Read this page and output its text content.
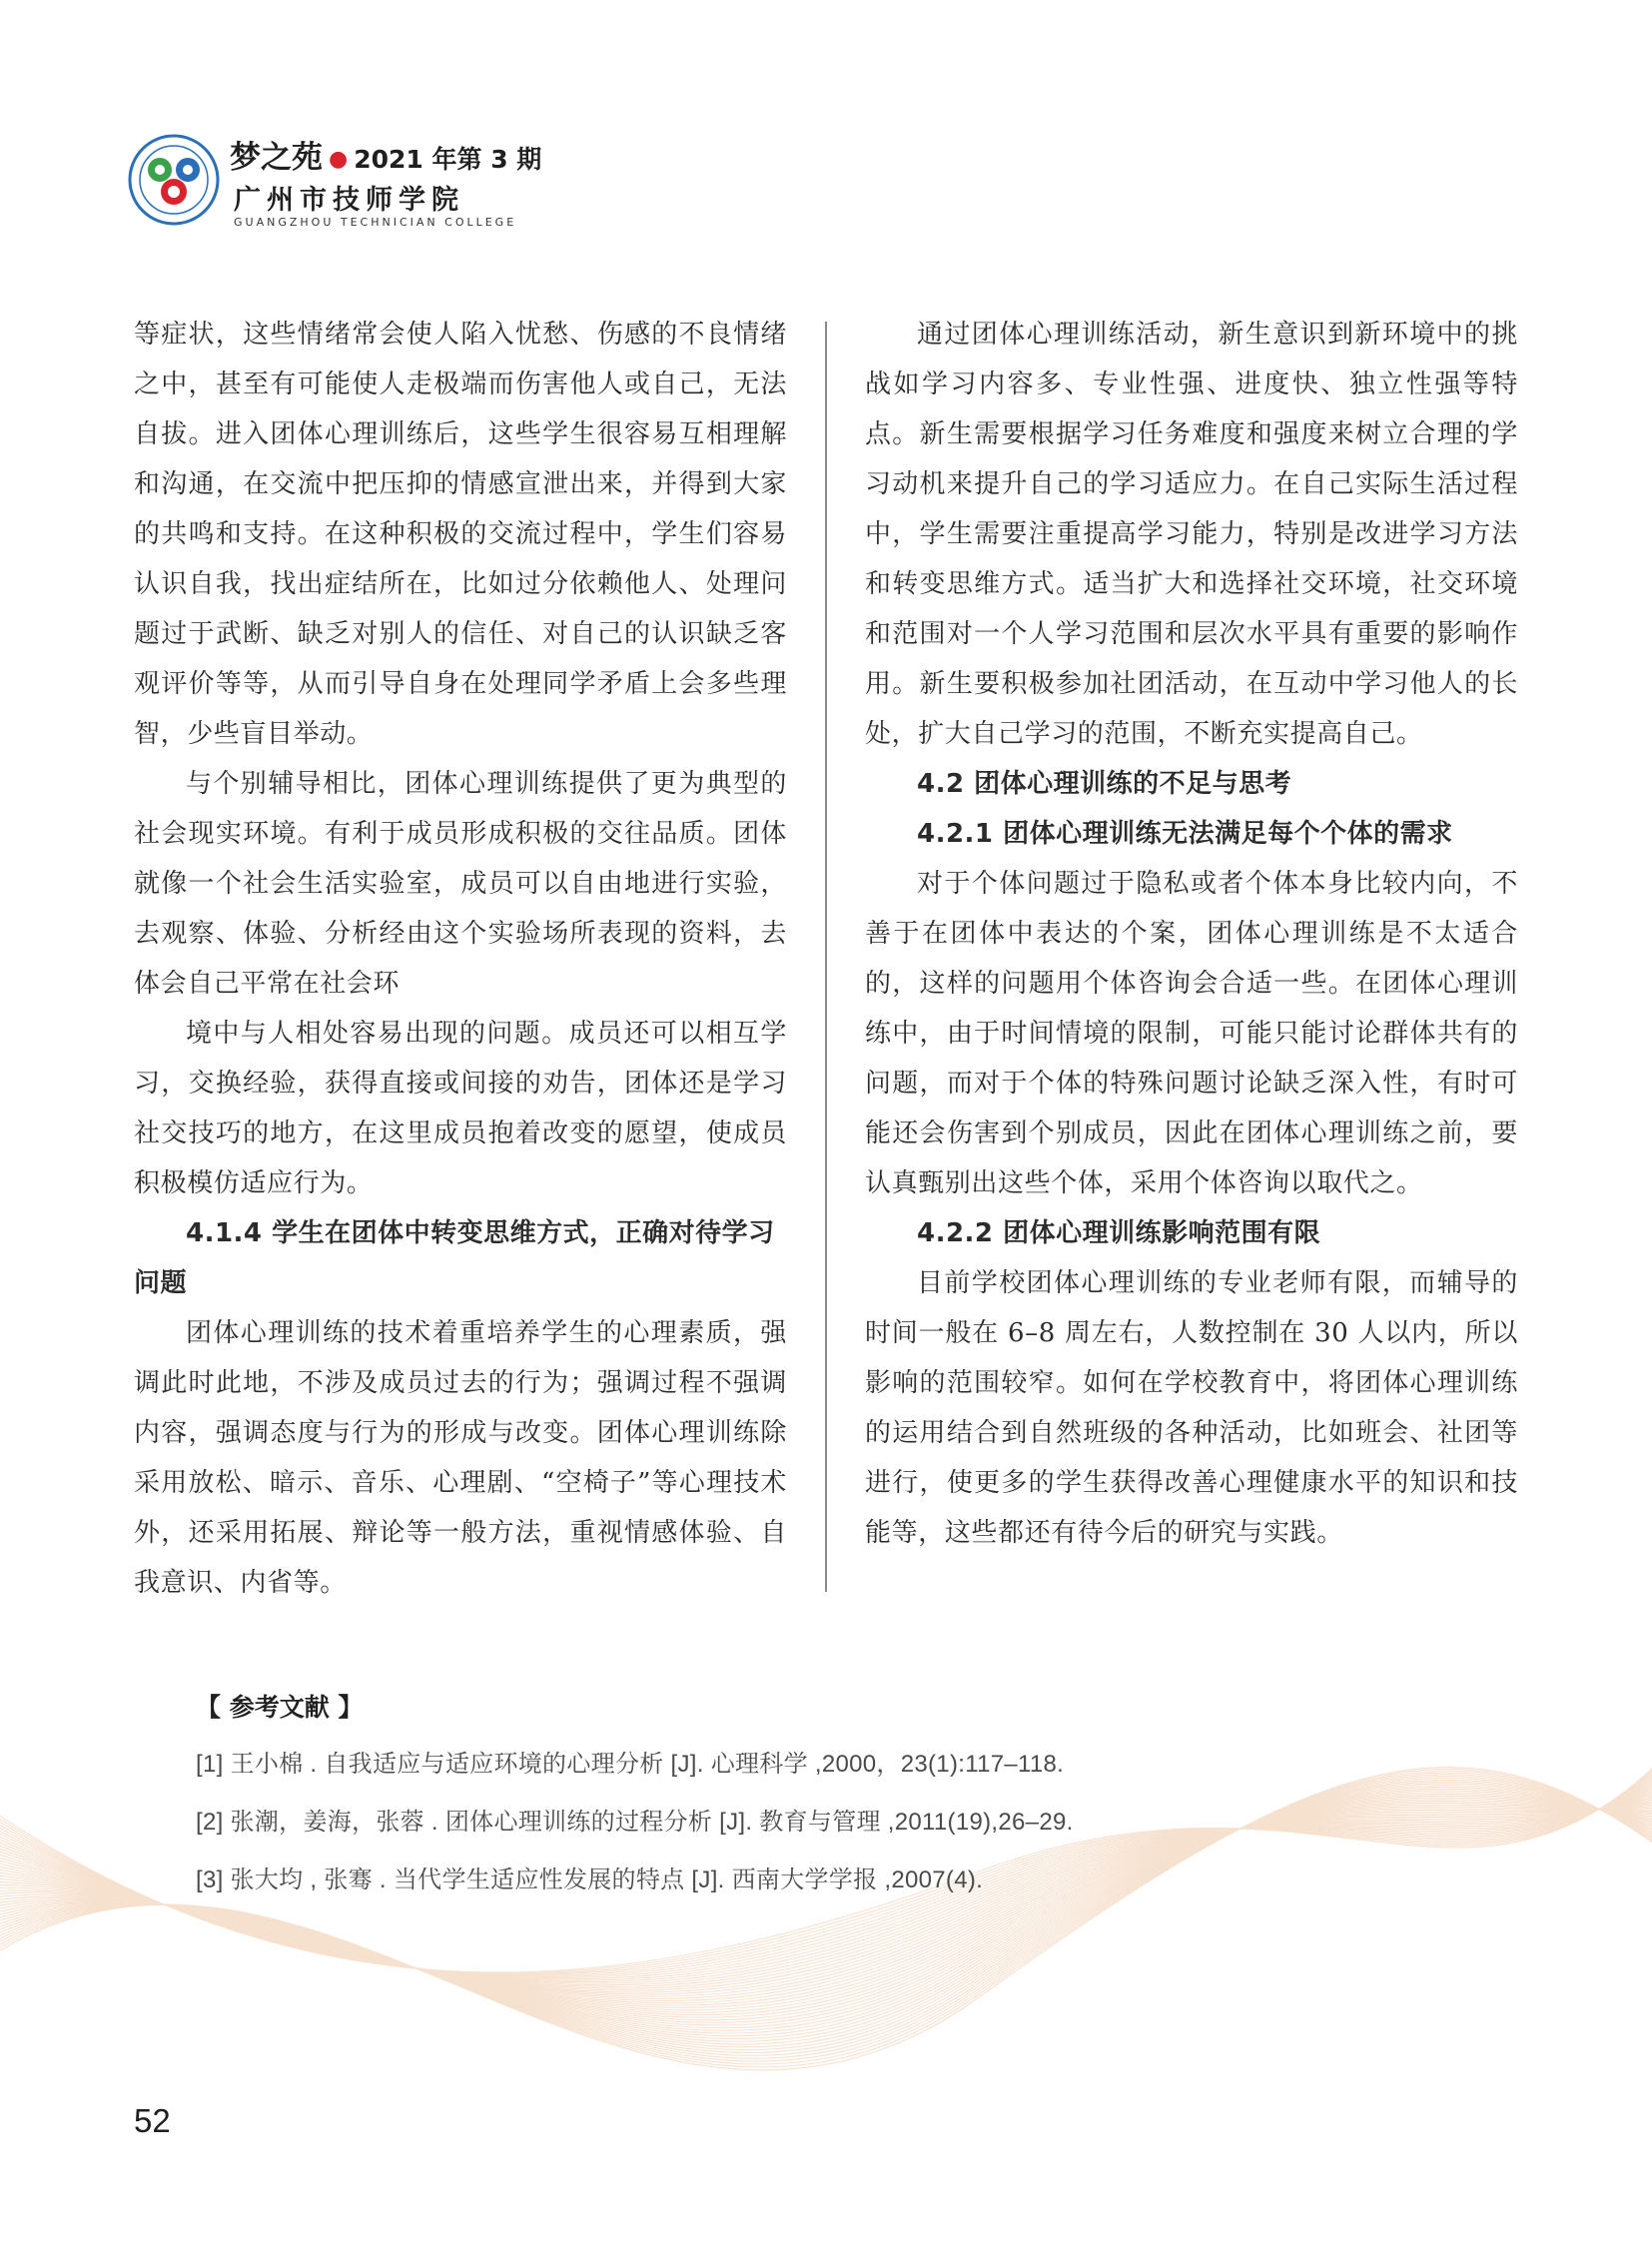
梦之苑 ● 2021 年第 3 期
广州市技师学院
GUANGZHOU TECHNICIAN COLLEGE

等症状，这些情绪常会使人陷入忧愁、伤感的不良情绪之中，甚至有可能使人走极端而伤害他人或自己，无法自拔。进入团体心理训练后，这些学生很容易互相理解和沟通，在交流中把压抑的情感宣泄出来，并得到大家的共鸣和支持。在这种积极的交流过程中，学生们容易认识自我，找出症结所在，比如过分依赖他人、处理问题过于武断、缺乏对别人的信任、对自己的认识缺乏客观评价等等，从而引导自身在处理同学矛盾上会多些理智，少些盲目举动。

与个别辅导相比，团体心理训练提供了更为典型的社会现实环境。有利于成员形成积极的交往品质。团体就像一个社会生活实验室，成员可以自由地进行实验，去观察、体验、分析经由这个实验场所表现的资料，去体会自己平常在社会环

境中与人相处容易出现的问题。成员还可以相互学习，交换经验，获得直接或间接的劝告，团体还是学习社交技巧的地方，在这里成员抱着改变的愿望，使成员积极模仿适应行为。

4.1.4 学生在团体中转变思维方式，正确对待学习问题

团体心理训练的技术着重培养学生的心理素质，强调此时此地，不涉及成员过去的行为；强调过程不强调内容，强调态度与行为的形成与改变。团体心理训练除采用放松、暗示、音乐、心理剧、“空椅子”等心理技术外，还采用拓展、辩论等一般方法，重视情感体验、自我意识、内省等。

通过团体心理训练活动，新生意识到新环境中的挑战如学习内容多、专业性强、进度快、独立性强等特点。新生需要根据学习任务难度和强度来树立合理的学习动机来提升自己的学习适应力。在自己实际生活过程中，学生需要注重提高学习能力，特别是改进学习方法和转变思维方式。适当扩大和选择社交环境，社交环境和范围对一个人学习范围和层次水平具有重要的影响作用。新生要积极参加社团活动，在互动中学习他人的长处，扩大自己学习的范围，不断充实提高自己。

4.2 团体心理训练的不足与思考
4.2.1 团体心理训练无法满足每个个体的需求

对于个体问题过于隐私或者个体本身比较内向，不善于在团体中表达的个案，团体心理训练是不太适合的，这样的问题用个体咨询会合适一些。在团体心理训练中，由于时间情境的限制，可能只能讨论群体共有的问题，而对于个体的特殊问题讨论缺乏深入性，有时可能还会伤害到个别成员，因此在团体心理训练之前，要认真甄别出这些个体，采用个体咨询以取代之。

4.2.2 团体心理训练影响范围有限

目前学校团体心理训练的专业老师有限，而辅导的时间一般在 6–8 周左右，人数控制在 30 人以内，所以影响的范围较窄。如何在学校教育中，将团体心理训练的运用结合到自然班级的各种活动，比如班会、社团等进行，使更多的学生获得改善心理健康水平的知识和技能等，这些都还有待今后的研究与实践。

【 参考文献 】
[1] 王小棉 . 自我适应与适应环境的心理分析 [J]. 心理科学 ,2000，23(1):117–118.
[2] 张潮，姜海，张蓉 . 团体心理训练的过程分析 [J]. 教育与管理 ,2011(19),26–29.
[3] 张大均 , 张骞 . 当代学生适应性发展的特点 [J]. 西南大学学报 ,2007(4).
52
